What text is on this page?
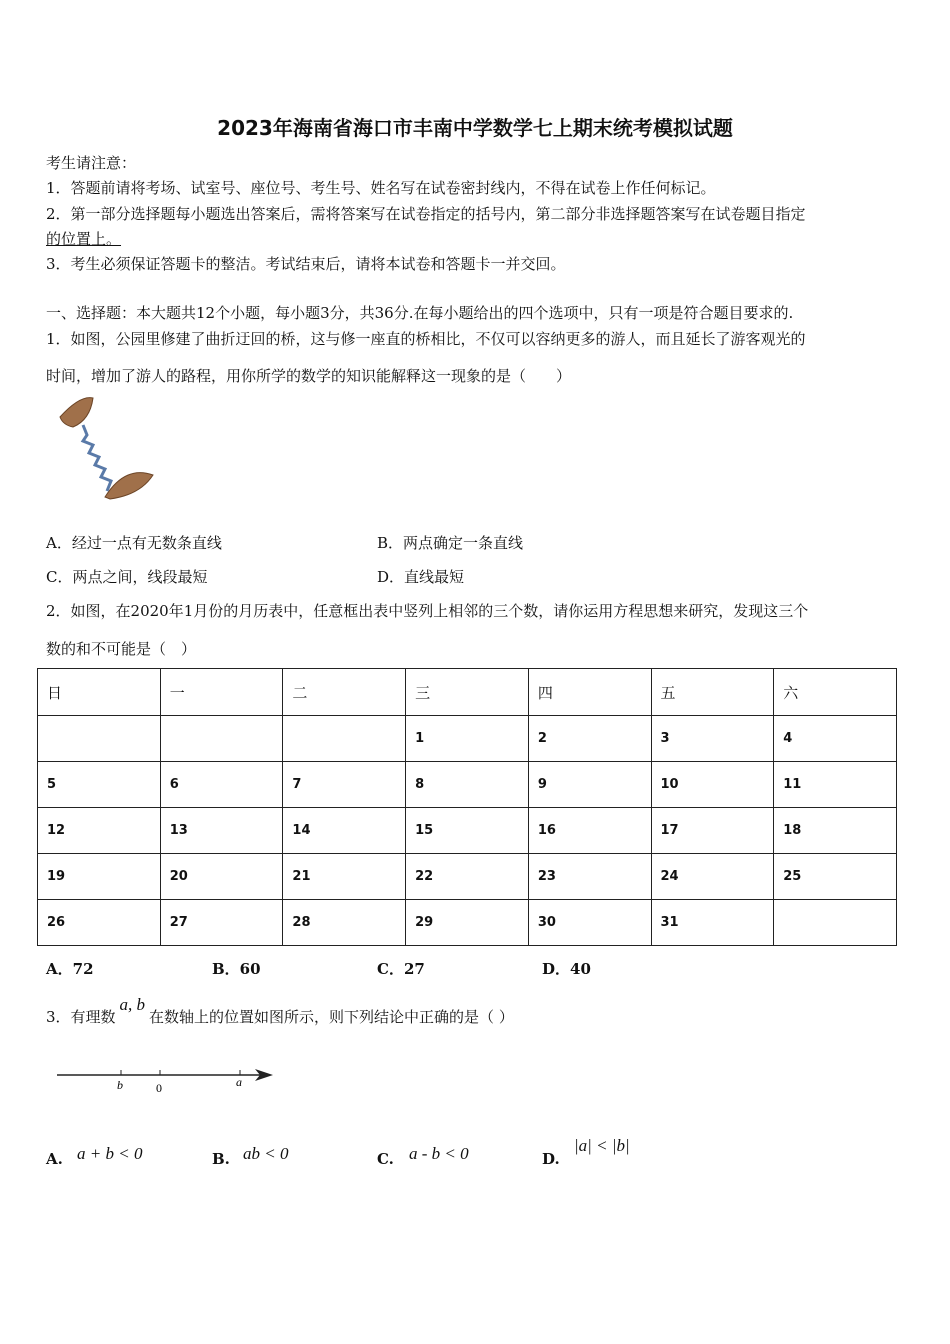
2023年海南省海口市丰南中学数学七上期末统考模拟试题
考生请注意：
1．答题前请将考场、试室号、座位号、考生号、姓名写在试卷密封线内，不得在试卷上作任何标记。
2．第一部分选择题每小题选出答案后，需将答案写在试卷指定的括号内，第二部分非选择题答案写在试卷题目指定
的位置上。
3．考生必须保证答题卡的整洁。考试结束后，请将本试卷和答题卡一并交回。
一、选择题：本大题共12个小题，每小题3分，共36分.在每小题给出的四个选项中，只有一项是符合题目要求的.
1．如图，公园里修建了曲折迂回的桥，这与修一座直的桥相比，不仅可以容纳更多的游人，而且延长了游客观光的
时间，增加了游人的路程，用你所学的数学的知识能解释这一现象的是（　　）
A．经过一点有无数条直线	B．两点确定一条直线
C．两点之间，线段最短	D．直线最短
2．如图，在2020年1月份的月历表中，任意框出表中竖列上相邻的三个数，请你运用方程思想来研究，发现这三个
数的和不可能是（　）
日	一	二	三	四	五	六
			1	2	3	4
5	6	7	8	9	10	11
12	13	14	15	16	17	18
19	20	21	22	23	24	25
26	27	28	29	30	31	
A．72	B．60	C．27	D．40
3．有理数a, b在数轴上的位置如图所示，则下列结论中正确的是（ ）
b	0	a
A. a + b < 0	B. ab < 0	C. a - b < 0	D.
|a| < |b|
